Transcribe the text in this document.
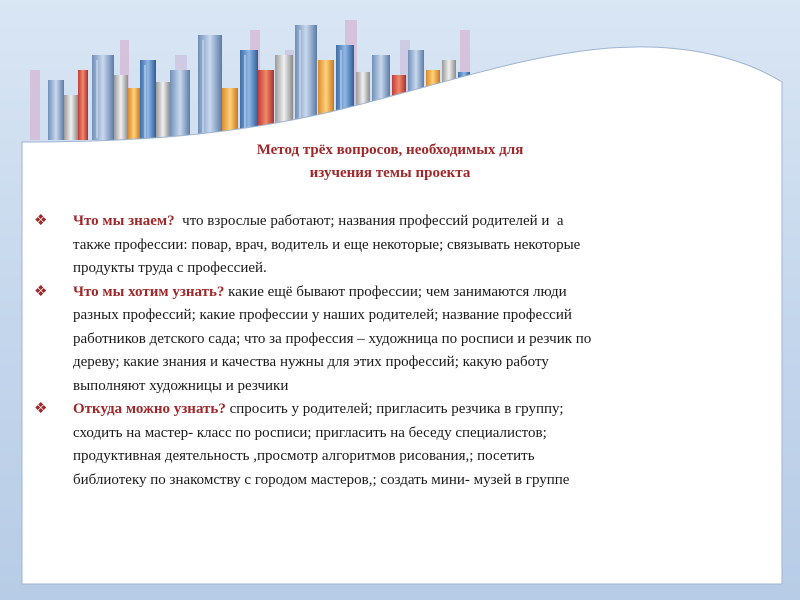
Метод трёх вопросов, необходимых для
изучения темы проекта
❖ Что мы знаем?  что взрослые работают; названия профессий родителей и  а
также профессии: повар, врач, водитель и еще некоторые; связывать некоторые
продукты труда с профессией.
❖ Что мы хотим узнать? какие ещё бывают профессии; чем занимаются люди
разных профессий; какие профессии у наших родителей; название профессий
работников детского сада; что за профессия – художница по росписи и резчик по
дереву; какие знания и качества нужны для этих профессий; какую работу
выполняют художницы и резчики
❖ Откуда можно узнать? спросить у родителей; пригласить резчика в группу;
сходить на мастер- класс по росписи; пригласить на беседу специалистов;
продуктивная деятельность ,просмотр алгоритмов рисования,; посетить
библиотеку по знакомству с городом мастеров,; создать мини- музей в группе
